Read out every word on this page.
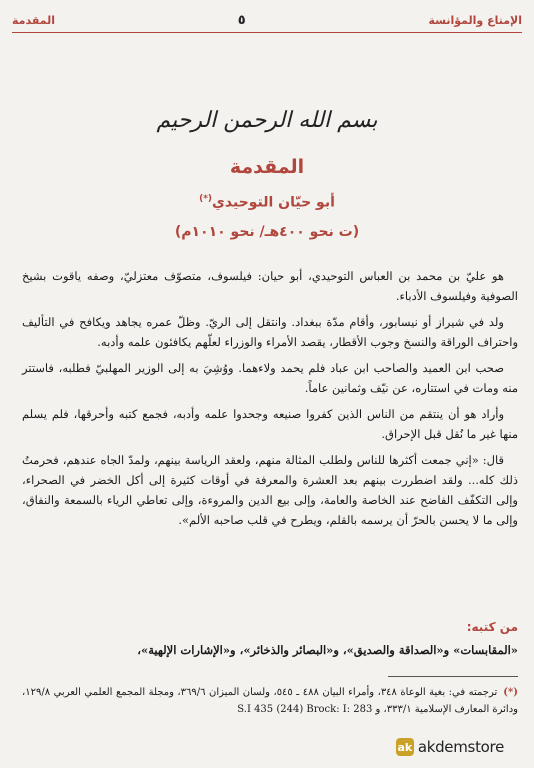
الإمتاع والمؤانسة
٥
المقدمة
بسم الله الرحمن الرحيم
المقدمة
أبو حيّان التوحيدي(*)
(ت نحو ٤٠٠هـ/ نحو ١٠١٠م)

هو عليّ بن محمد بن العباس التوحيدي، أبو حيان: فيلسوف، متصوّف معتزليّ، وصفه ياقوت بشيخ الصوفية وفيلسوف الأدباء.

ولد في شيراز أو نيسابور، وأقام مدّة ببغداد. وانتقل إلى الريّ. وظلّ عمره يجاهد ويكافح في التأليف واحتراف الوراقة والنسخ وجوب الأقطار، يقصد الأمراء والوزراء لعلّهم يكافئون علمه وأدبه.

صحب ابن العميد والصاحب ابن عباد فلم يحمد ولاءهما. ووُشِيَ به إلى الوزير المهلبيّ فطلبه، فاستتر منه ومات في استتاره، عن نيّف وثمانين عاماً.

وأراد هو أن ينتقم من الناس الذين كفروا صنيعه وجحدوا علمه وأدبه، فجمع كتبه وأحرقها، فلم يسلم منها غير ما نُقل قبل الإحراق.

قال: «إني جمعت أكثرها للناس ولطلب المثالة منهم، ولعقد الرياسة بينهم، ولمدّ الجاه عندهم، فحرمتُ ذلك كله... ولقد اضطررت بينهم بعد العشرة والمعرفة في أوقات كثيرة إلى أكل الخضر في الصحراء، وإلى التكفّف الفاضح عند الخاصة والعامة، وإلى بيع الدين والمروءة، وإلى تعاطي الرياء بالسمعة والنفاق، وإلى ما لا يحسن بالحرّ أن يرسمه بالقلم، ويطرح في قلب صاحبه الألم».

من كتبه:
«المقابسات» و«الصداقة والصديق»، و«البصائر والذخائر»، و«الإشارات الإلهية»،
(*)ترجمته في: بغية الوعاة ٣٤٨، وأمراء البيان ٤٨٨ ـ ٥٤٥، ولسان الميزان ٣٦٩/٦، ومجلة المجمع العلمي العربي ١٢٩/٨، ودائرة المعارف الإسلامية ٣٣٣/١، و S.I 435 (244) Brock: I: 283
ak akdemstore
